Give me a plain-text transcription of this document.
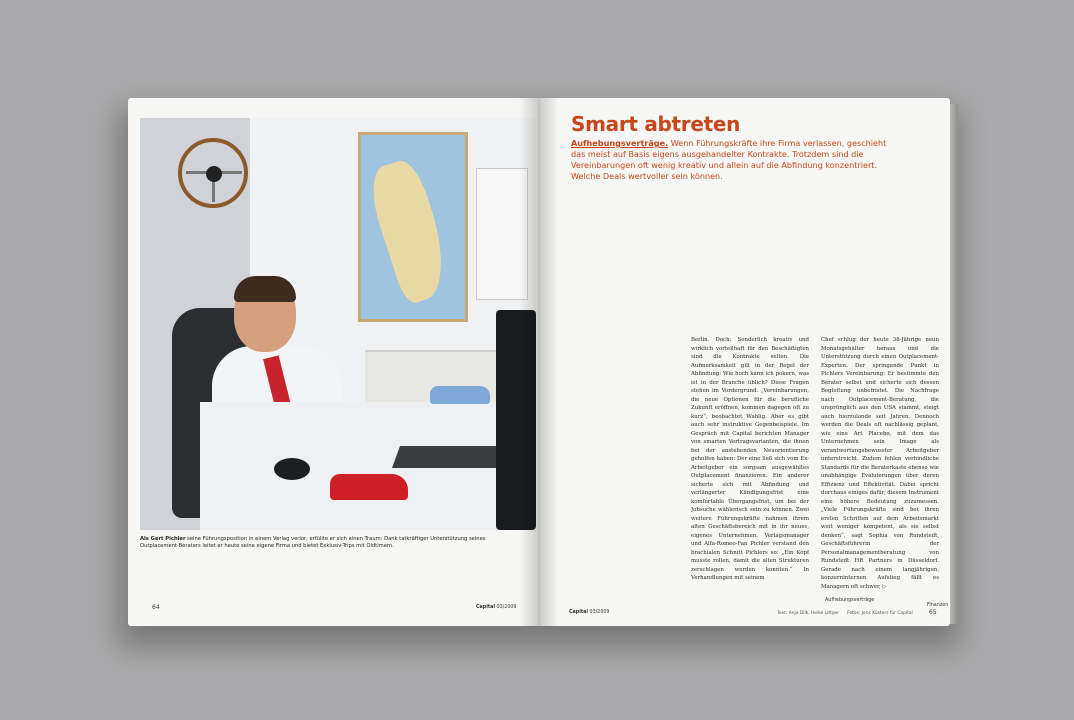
Als Gert Pichler seine Führungsposition in einem Verlag verlor, erfüllte er sich einen Traum: Dank tatkräftiger Unterstützung seines Outplacement-Beraters leitet er heute seine eigene Firma und bietet Exklusiv-Trips mit Oldtimern.
64	Capital 03/2009
Smart abtreten
Aufhebungsverträge. Wenn Führungskräfte ihre Firma verlassen, geschieht das meist auf Basis eigens ausgehandelter Kontrakte. Trotzdem sind die Vereinbarungen oft wenig kreativ und allein auf die Abfindung konzentriert. Welche Deals wertvoller sein können.
Berlin. Doch: Sonderlich kreativ und wirklich vorteilhaft für den Beschäftigten sind die Kontrakte selten. Die Aufmerksamkeit gilt in der Regel der Abfindung: Wie hoch kann ich pokern, was ist in der Branche üblich? Diese Fragen stehen im Vordergrund. „Vereinbarungen, die neue Optionen für die berufliche Zukunft eröffnen, kommen dagegen oft zu kurz“, beobachtet Wahlig. Aber es gibt auch sehr instruktive Gegenbeispiele. Im Gespräch mit Capital berichten Manager von smarten Vertragsvarianten, die ihnen bei der anstehenden Neuorientierung geholfen haben: Der eine ließ sich vom Ex-Arbeitgeber ein sorgsam ausgewähltes Outplacement finanzieren. Ein anderer sicherte sich mit Abfindung und verlängerter Kündigungsfrist eine komfortable Übergangsfrist, um bei der Jobsuche wählerisch sein zu können. Zwei weitere Führungskräfte nahmen ihrem alten Geschäftsbereich mit in ihr neues, eigenes Unternehmen. Verlagsmanager und Alfa-Romeo-Fan Pichler verstand den brachialen Schnitt Pichlers so: „Ein Kopf musste rollen, damit die alten Strukturen zerschlagen werden konnten.“ In Verhandlungen mit seinem
Chef schlug der heute 38-Jährige neun Monatsgehälter heraus und die Unterstützung durch einen Outplacement-Experten. Der springende Punkt in Pichlers Vereinbarung: Er bestimmte den Berater selbst und sicherte sich dessen Begleitung unbefristet. Die Nachfrage nach Outplacement-Beratung, die ursprünglich aus den USA stammt, steigt auch hierzulande seit Jahren. Dennoch werden die Deals oft nachlässig geplant, wie eine Art Placebo, mit dem das Unternehmen sein Image als verantwortungsbewusster Arbeitgeber unterstreicht. Zudem fehlen verbindliche Standards für die Beraterkaste ebenso wie unabhängige Evaluierungen über deren Effizienz und Effektivität. Dabei spricht durchaus einiges dafür, diesem Instrument eine höhere Bedeutung zuzumessen. „Viele Führungskräfte sind bei ihren ersten Schritten auf dem Arbeitsmarkt weit weniger kompetent, als sie selbst denken“, sagt Sophia von Rundstedt, Geschäftsführerin der Personalmanagementberatung von Rundstedt HR Partners in Düsseldorf. Gerade nach einem langjährigen, konzerninternen Aufstieg fällt es Managern oft schwer, ▷
Capital 03/2009	Text: Anja Dilk, Heike Littger Fotos: Jens Küsters für Capital
Aufhebungsverträge
Finanzen
65
